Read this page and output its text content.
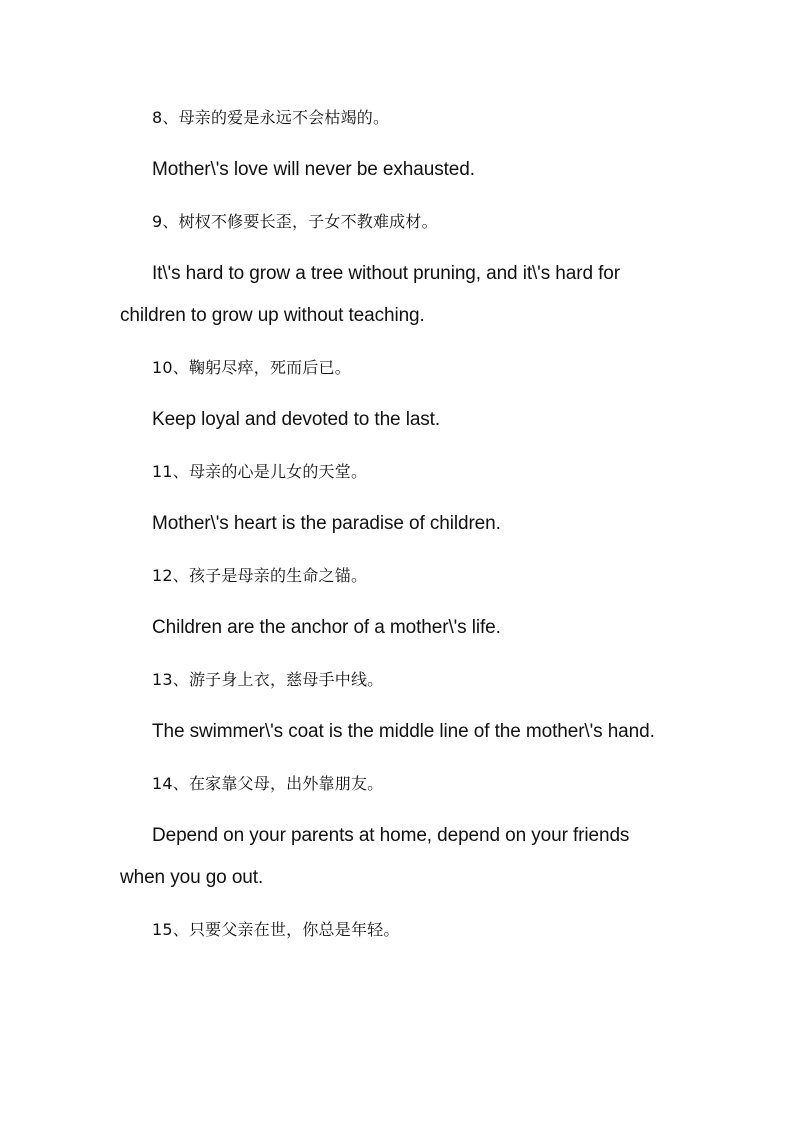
8、母亲的爱是永远不会枯竭的。

Mother\'s love will never be exhausted.

9、树杈不修要长歪，子女不教难成材。

It\'s hard to grow a tree without pruning, and it\'s hard for children to grow up without teaching.

10、鞠躬尽瘁，死而后已。

Keep loyal and devoted to the last.

11、母亲的心是儿女的天堂。

Mother\'s heart is the paradise of children.

12、孩子是母亲的生命之锚。

Children are the anchor of a mother\'s life.

13、游子身上衣，慈母手中线。

The swimmer\'s coat is the middle line of the mother\'s hand.

14、在家靠父母，出外靠朋友。

Depend on your parents at home, depend on your friends when you go out.

15、只要父亲在世，你总是年轻。
